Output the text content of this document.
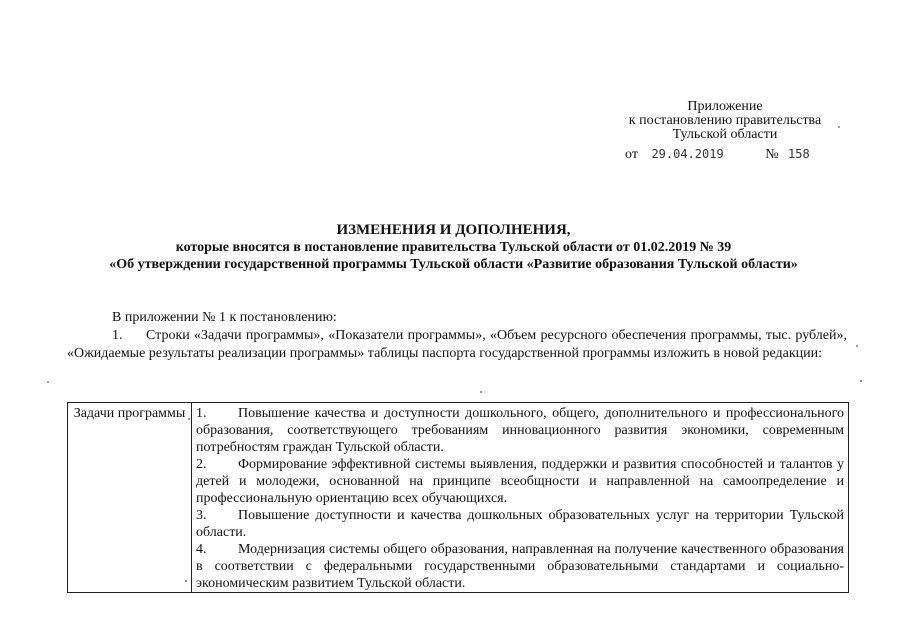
Приложение
к постановлению правительства
Тульской области
от 29.04.2019	№ 158
ИЗМЕНЕНИЯ И ДОПОЛНЕНИЯ,
которые вносятся в постановление правительства Тульской области от 01.02.2019 № 39
«Об утверждении государственной программы Тульской области «Развитие образования Тульской области»

В приложении № 1 к постановлению:

1. Строки «Задачи программы», «Показатели программы», «Объем ресурсного обеспечения программы, тыс. рублей», «Ожидаемые результаты реализации программы» таблицы паспорта государственной программы изложить в новой редакции:

Задачи программы	1. Повышение качества и доступности дошкольного, общего, дополнительного и профессионального образования, соответствующего требованиям инновационного развития экономики, современным потребностям граждан Тульской области.

2. Формирование эффективной системы выявления, поддержки и развития способностей и талантов у детей и молодежи, основанной на принципе всеобщности и направленной на самоопределение и профессиональную ориентацию всех обучающихся.

3. Повышение доступности и качества дошкольных образовательных услуг на территории Тульской области.

4. Модернизация системы общего образования, направленная на получение качественного образования в соответствии с федеральными государственными образовательными стандартами и социально-экономическим развитием Тульской области.
